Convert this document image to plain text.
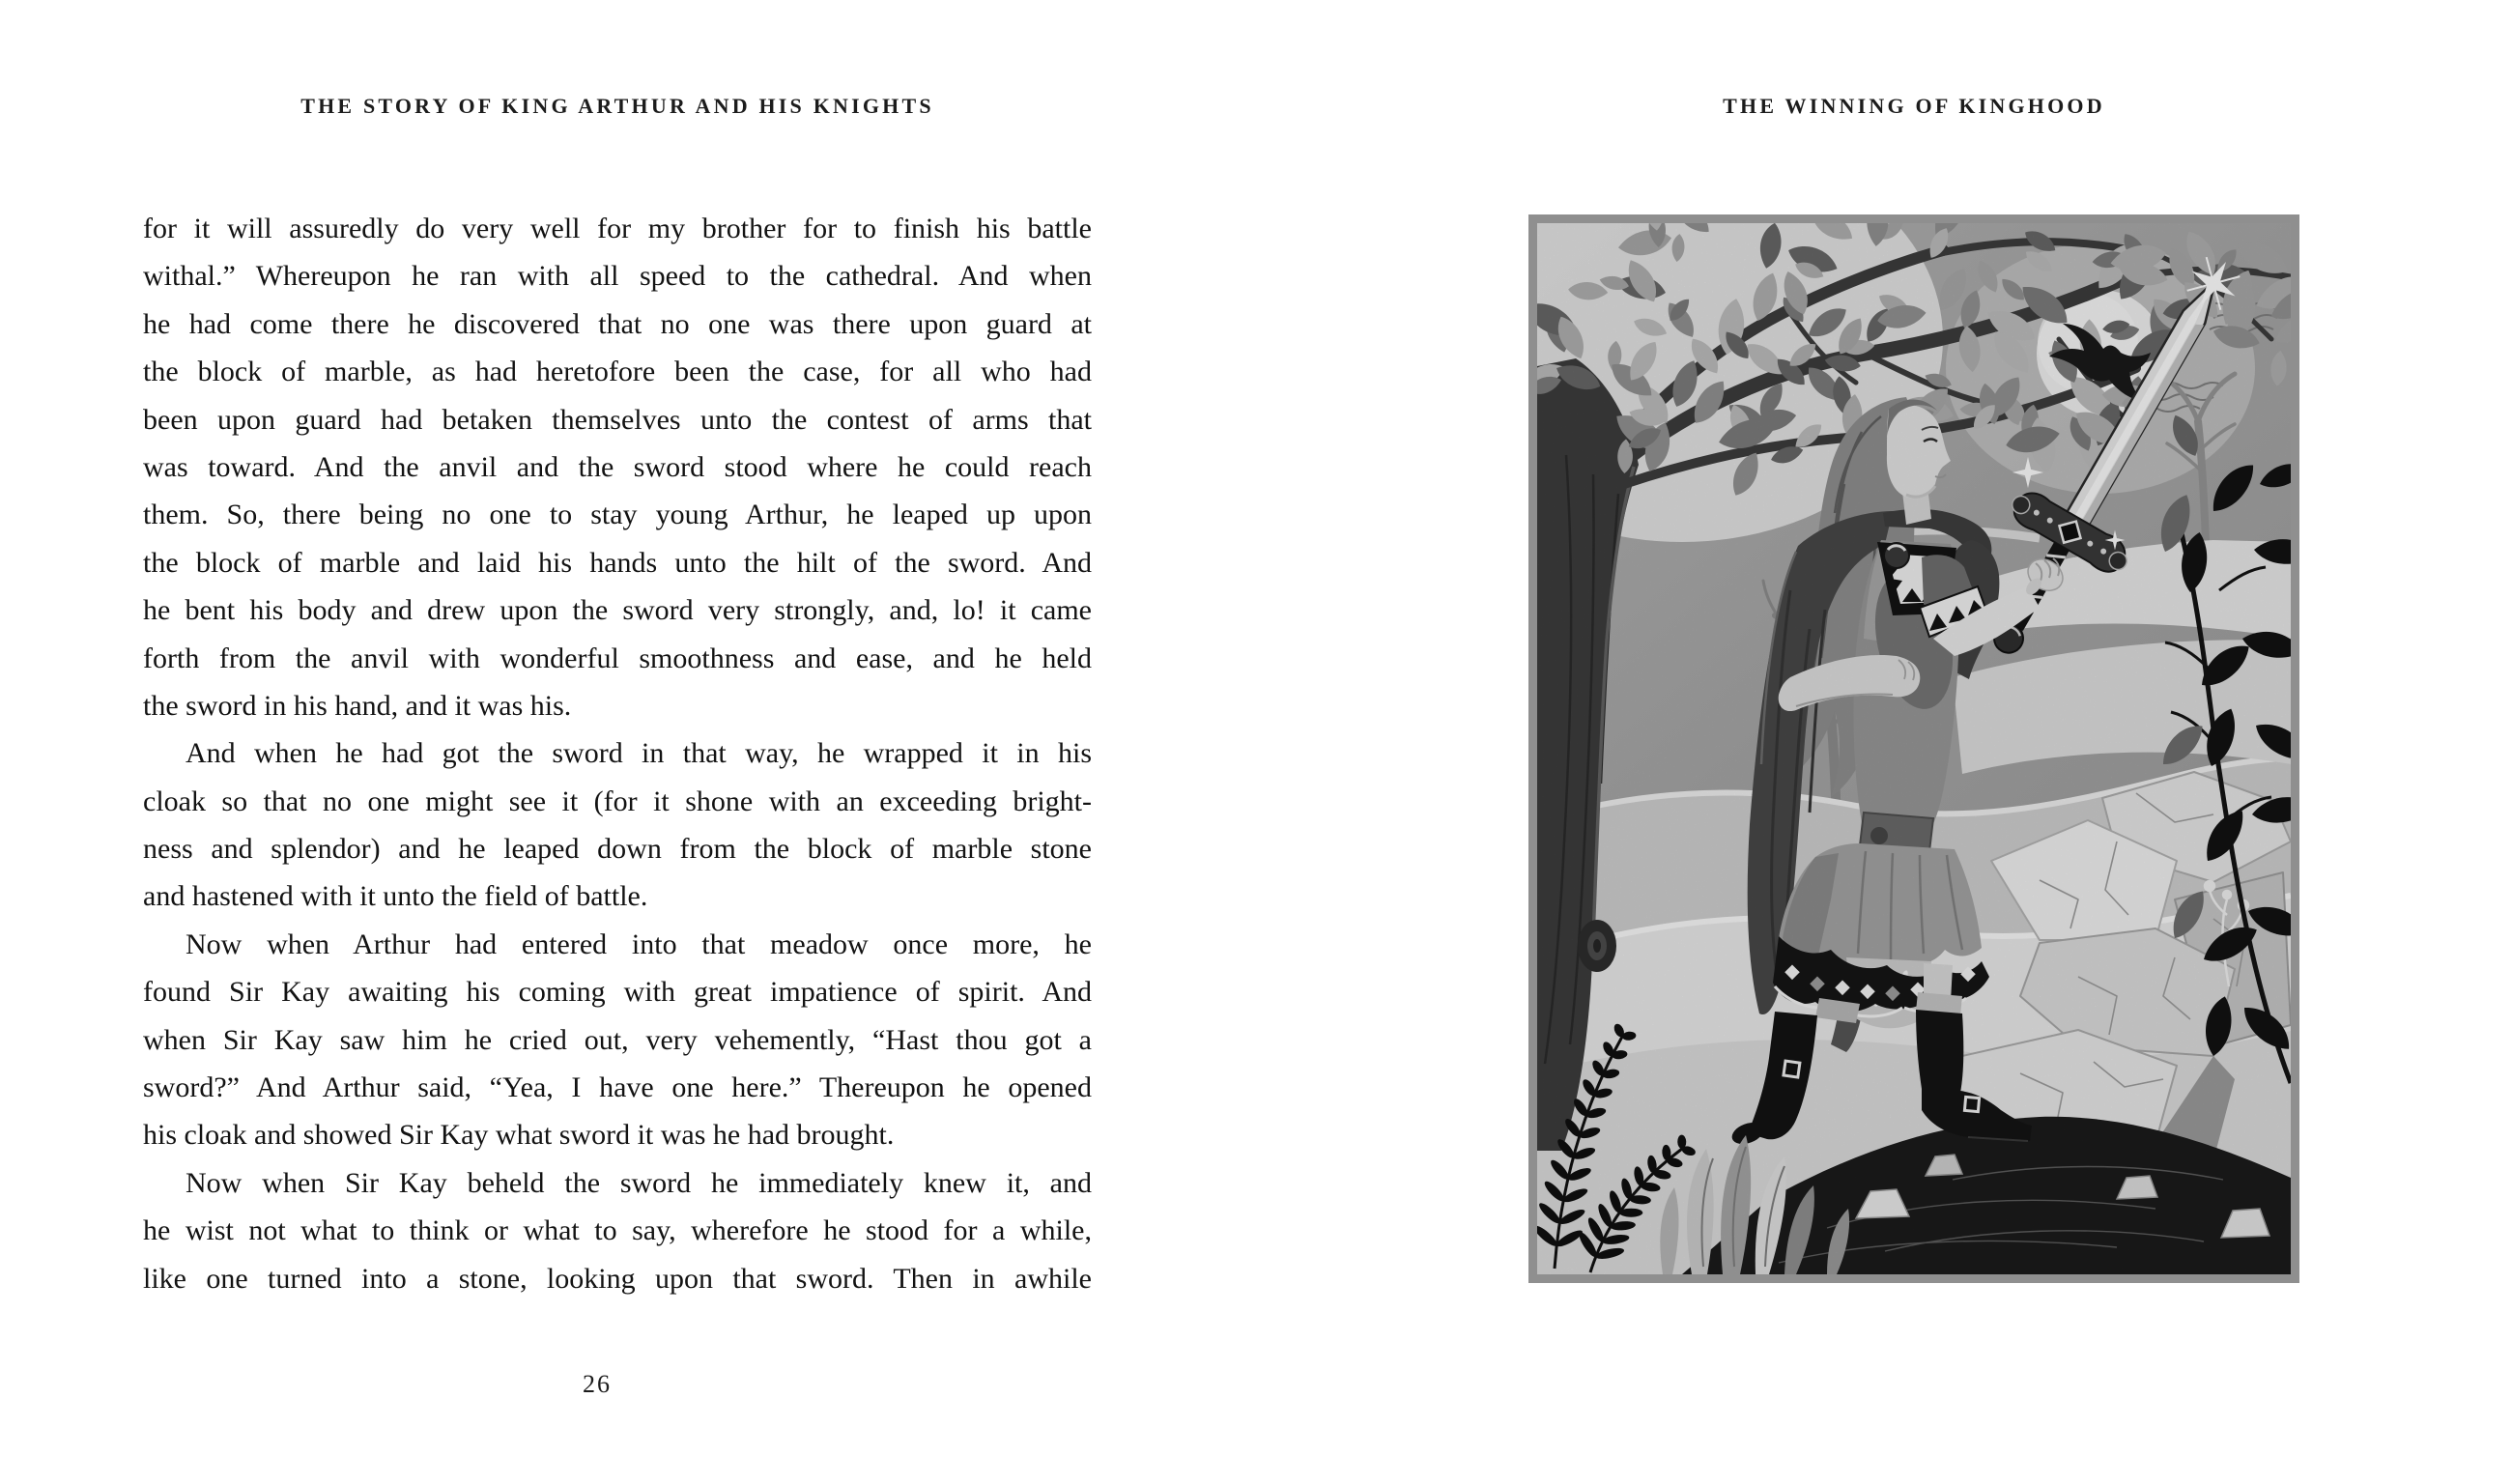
THE STORY OF KING ARTHUR AND HIS KNIGHTS	THE WINNING OF KINGHOOD
for it will assuredly do very well for my brother for to finish his battle
withal.” Whereupon he ran with all speed to the cathedral. And when
he had come there he discovered that no one was there upon guard at
the block of marble, as had heretofore been the case, for all who had
been upon guard had betaken themselves unto the contest of arms that
was toward. And the anvil and the sword stood where he could reach
them. So, there being no one to stay young Arthur, he leaped up upon
the block of marble and laid his hands unto the hilt of the sword. And
he bent his body and drew upon the sword very strongly, and, lo! it came
forth from the anvil with wonderful smoothness and ease, and he held
the sword in his hand, and it was his.
And when he had got the sword in that way, he wrapped it in his
cloak so that no one might see it (for it shone with an exceeding bright-
ness and splendor) and he leaped down from the block of marble stone
and hastened with it unto the field of battle.
Now when Arthur had entered into that meadow once more, he
found Sir Kay awaiting his coming with great impatience of spirit. And
when Sir Kay saw him he cried out, very vehemently, “Hast thou got a
sword?” And Arthur said, “Yea, I have one here.” Thereupon he opened
his cloak and showed Sir Kay what sword it was he had brought.
Now when Sir Kay beheld the sword he immediately knew it, and
he wist not what to think or what to say, wherefore he stood for a while,
like one turned into a stone, looking upon that sword. Then in awhile
26
